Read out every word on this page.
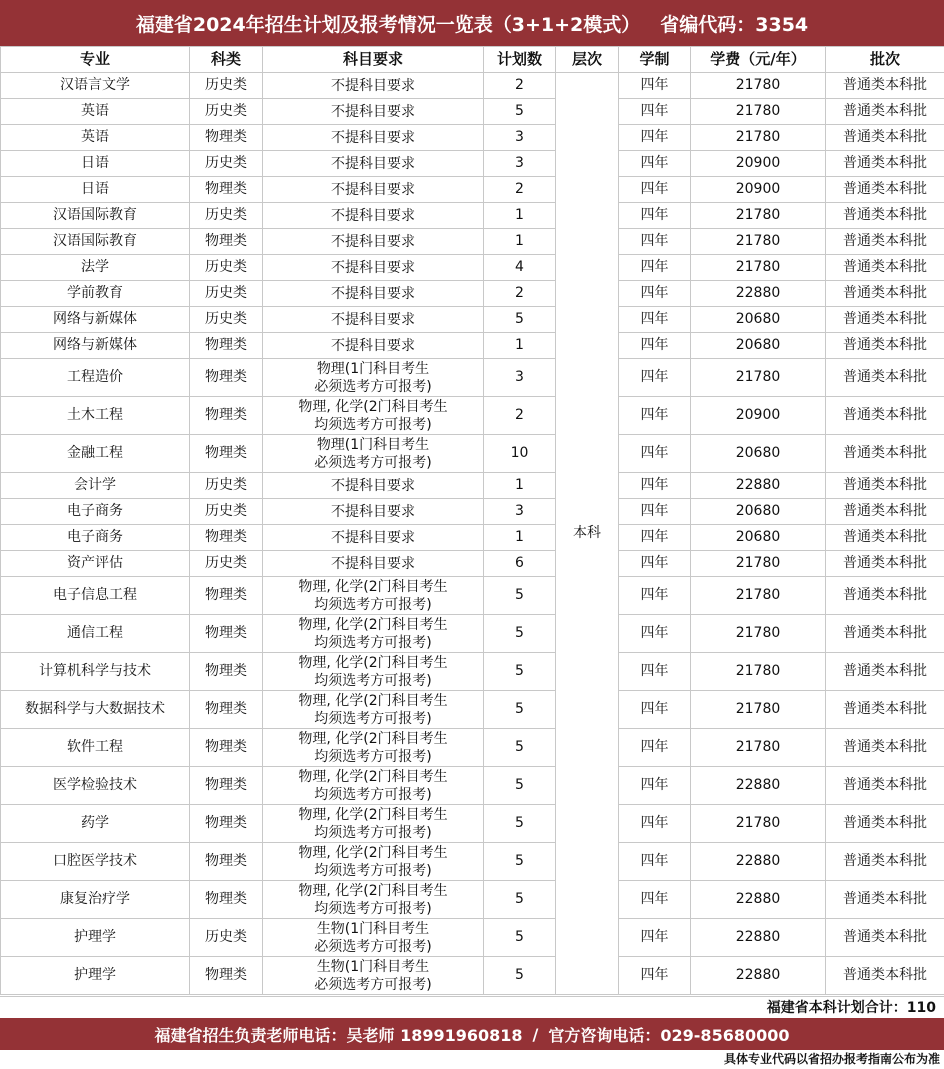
福建省2024年招生计划及报考情况一览表（3+1+2模式） 省编代码：3354
专业	科类	科目要求	计划数	层次	学制	学费（元/年）	批次
汉语言文学	历史类	不提科目要求	2	本科	四年	21780	普通类本科批
英语	历史类	不提科目要求	5		四年	21780	普通类本科批
英语	物理类	不提科目要求	3		四年	21780	普通类本科批
日语	历史类	不提科目要求	3		四年	20900	普通类本科批
日语	物理类	不提科目要求	2		四年	20900	普通类本科批
汉语国际教育	历史类	不提科目要求	1		四年	21780	普通类本科批
汉语国际教育	物理类	不提科目要求	1		四年	21780	普通类本科批
法学	历史类	不提科目要求	4		四年	21780	普通类本科批
学前教育	历史类	不提科目要求	2		四年	22880	普通类本科批
网络与新媒体	历史类	不提科目要求	5		四年	20680	普通类本科批
网络与新媒体	物理类	不提科目要求	1		四年	20680	普通类本科批
工程造价	物理类	物理(1门科目考生
必须选考方可报考)	3		四年	21780	普通类本科批
土木工程	物理类	物理, 化学(2门科目考生
均须选考方可报考)	2		四年	20900	普通类本科批
金融工程	物理类	物理(1门科目考生
必须选考方可报考)	10		四年	20680	普通类本科批
会计学	历史类	不提科目要求	1		四年	22880	普通类本科批
电子商务	历史类	不提科目要求	3		四年	20680	普通类本科批
电子商务	物理类	不提科目要求	1		四年	20680	普通类本科批
资产评估	历史类	不提科目要求	6		四年	21780	普通类本科批
电子信息工程	物理类	物理, 化学(2门科目考生
均须选考方可报考)	5		四年	21780	普通类本科批
通信工程	物理类	物理, 化学(2门科目考生
均须选考方可报考)	5		四年	21780	普通类本科批
计算机科学与技术	物理类	物理, 化学(2门科目考生
均须选考方可报考)	5		四年	21780	普通类本科批
数据科学与大数据技术	物理类	物理, 化学(2门科目考生
均须选考方可报考)	5		四年	21780	普通类本科批
软件工程	物理类	物理, 化学(2门科目考生
均须选考方可报考)	5		四年	21780	普通类本科批
医学检验技术	物理类	物理, 化学(2门科目考生
均须选考方可报考)	5		四年	22880	普通类本科批
药学	物理类	物理, 化学(2门科目考生
均须选考方可报考)	5		四年	21780	普通类本科批
口腔医学技术	物理类	物理, 化学(2门科目考生
均须选考方可报考)	5		四年	22880	普通类本科批
康复治疗学	物理类	物理, 化学(2门科目考生
均须选考方可报考)	5		四年	22880	普通类本科批
护理学	历史类	生物(1门科目考生
必须选考方可报考)	5		四年	22880	普通类本科批
护理学	物理类	生物(1门科目考生
必须选考方可报考)	5		四年	22880	普通类本科批
福建省本科计划合计：110
福建省招生负责老师电话：吴老师 18991960818 / 官方咨询电话：029-85680000
具体专业代码以省招办报考指南公布为准
